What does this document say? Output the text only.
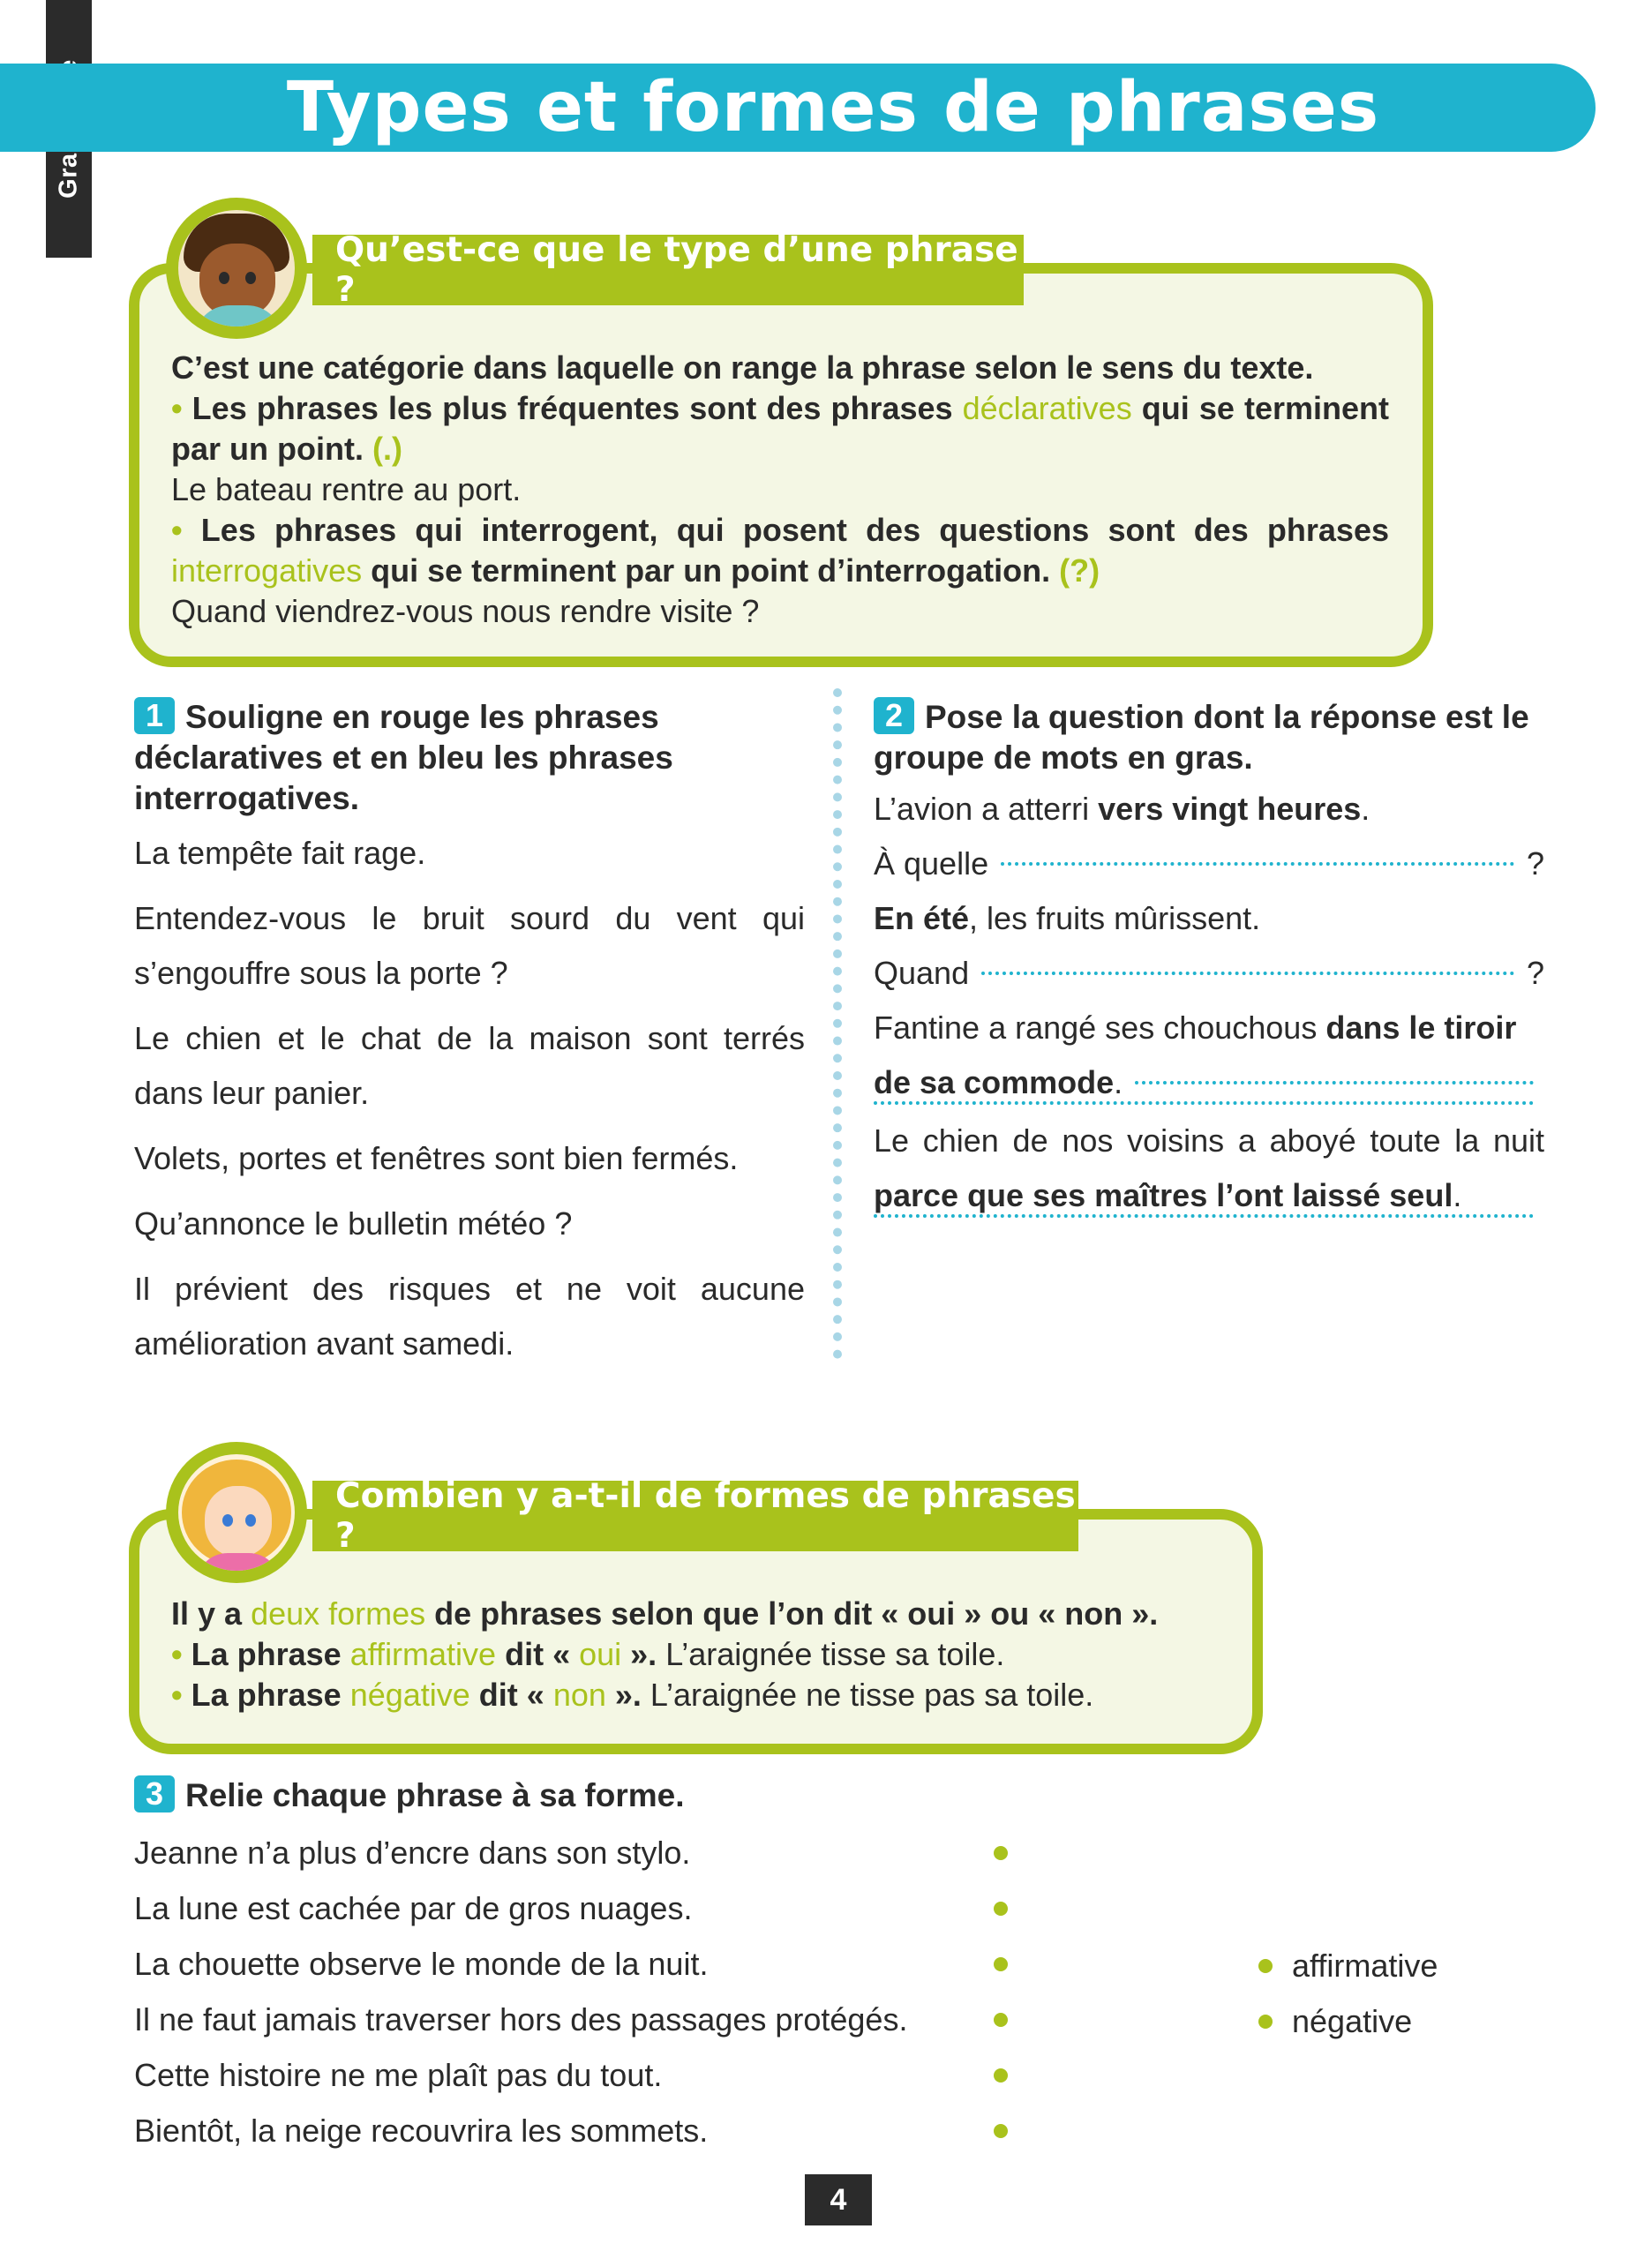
Types et formes de phrases
Qu’est-ce que le type d’une phrase ?
C’est une catégorie dans laquelle on range la phrase selon le sens du texte.
• Les phrases les plus fréquentes sont des phrases déclaratives qui se terminent par un point. (.)
Le bateau rentre au port.
• Les phrases qui interrogent, qui posent des questions sont des phrases interrogatives qui se terminent par un point d’interrogation. (?)
Quand viendrez-vous nous rendre visite ?
1 Souligne en rouge les phrases déclaratives et en bleu les phrases interrogatives.

La tempête fait rage.

Entendez-vous le bruit sourd du vent qui s’engouffre sous la porte ?

Le chien et le chat de la maison sont terrés dans leur panier.

Volets, portes et fenêtres sont bien fermés.

Qu’annonce le bulletin météo ?

Il prévient des risques et ne voit aucune amélioration avant samedi.

2 Pose la question dont la réponse est le groupe de mots en gras.
L’avion a atterri vers vingt heures.
À quelle	?
En été, les fruits mûrissent.
Quand	?
Fantine a rangé ses chouchous dans le tiroir
de sa commode .

Le chien de nos voisins a aboyé toute la nuit parce que ses maîtres l’ont laissé seul.

Combien y a-t-il de formes de phrases ?
Il y a deux formes de phrases selon que l’on dit « oui » ou « non ».
• La phrase affirmative dit « oui ». L’araignée tisse sa toile.
• La phrase négative dit « non ». L’araignée ne tisse pas sa toile.
3 Relie chaque phrase à sa forme.
Jeanne n’a plus d’encre dans son stylo.
La lune est cachée par de gros nuages.
La chouette observe le monde de la nuit.
Il ne faut jamais traverser hors des passages protégés.
Cette histoire ne me plaît pas du tout.
Bientôt, la neige recouvrira les sommets.
affirmative
négative
4
